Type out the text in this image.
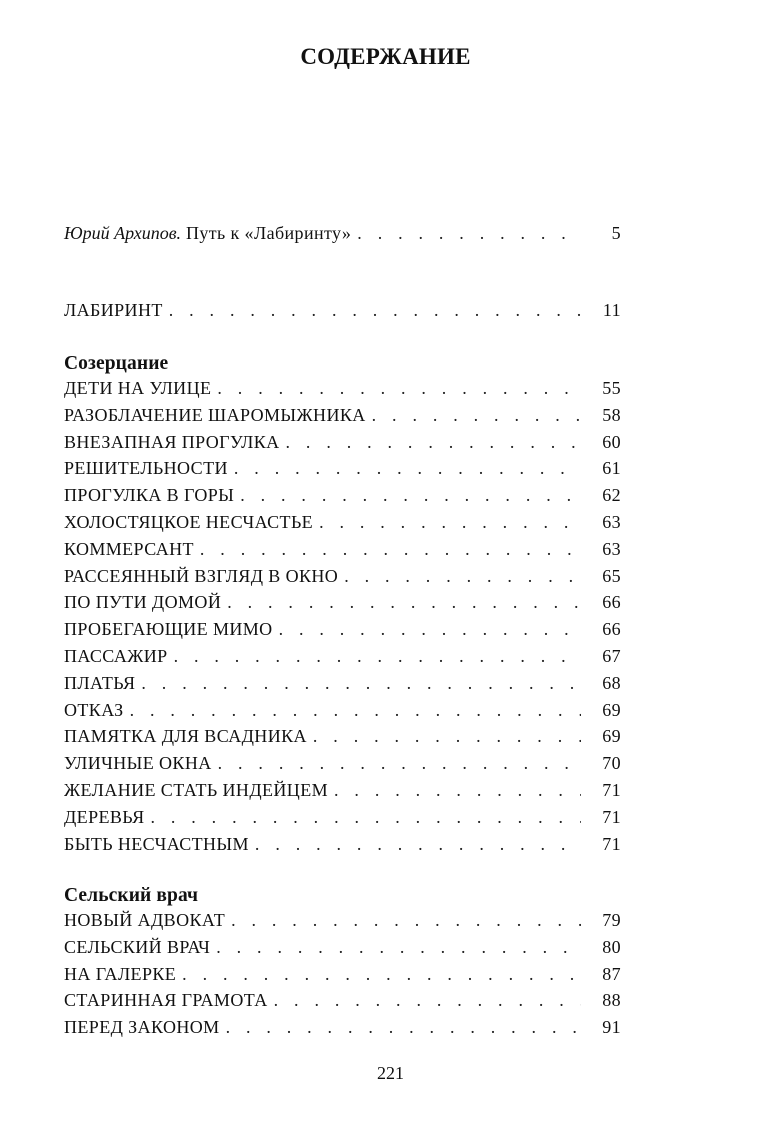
СОДЕРЖАНИЕ
Юрий Архипов. Путь к «Лабиринту» . . .	5
ЛАБИРИНТ . . .	11
Созерцание
ДЕТИ НА УЛИЦЕ . . .	55
РАЗОБЛАЧЕНИЕ ШАРОМЫЖНИКА . . .	58
ВНЕЗАПНАЯ ПРОГУЛКА . . .	60
РЕШИТЕЛЬНОСТИ . . .	61
ПРОГУЛКА В ГОРЫ . . .	62
ХОЛОСТЯЦКОЕ НЕСЧАСТЬЕ . . .	63
КОММЕРСАНТ . . .	63
РАССЕЯННЫЙ ВЗГЛЯД В ОКНО . . .	65
ПО ПУТИ ДОМОЙ . . .	66
ПРОБЕГАЮЩИЕ МИМО . . .	66
ПАССАЖИР . . .	67
ПЛАТЬЯ . . .	68
ОТКАЗ . . .	69
ПАМЯТКА ДЛЯ ВСАДНИКА . . .	69
УЛИЧНЫЕ ОКНА . . .	70
ЖЕЛАНИЕ СТАТЬ ИНДЕЙЦЕМ . . .	71
ДЕРЕВЬЯ . . .	71
БЫТЬ НЕСЧАСТНЫМ . . .	71
Сельский врач
НОВЫЙ АДВОКАТ . . .	79
СЕЛЬСКИЙ ВРАЧ . . .	80
НА ГАЛЕРКЕ . . .	87
СТАРИННАЯ ГРАМОТА . . .	88
ПЕРЕД ЗАКОНОМ . . .	91
221
